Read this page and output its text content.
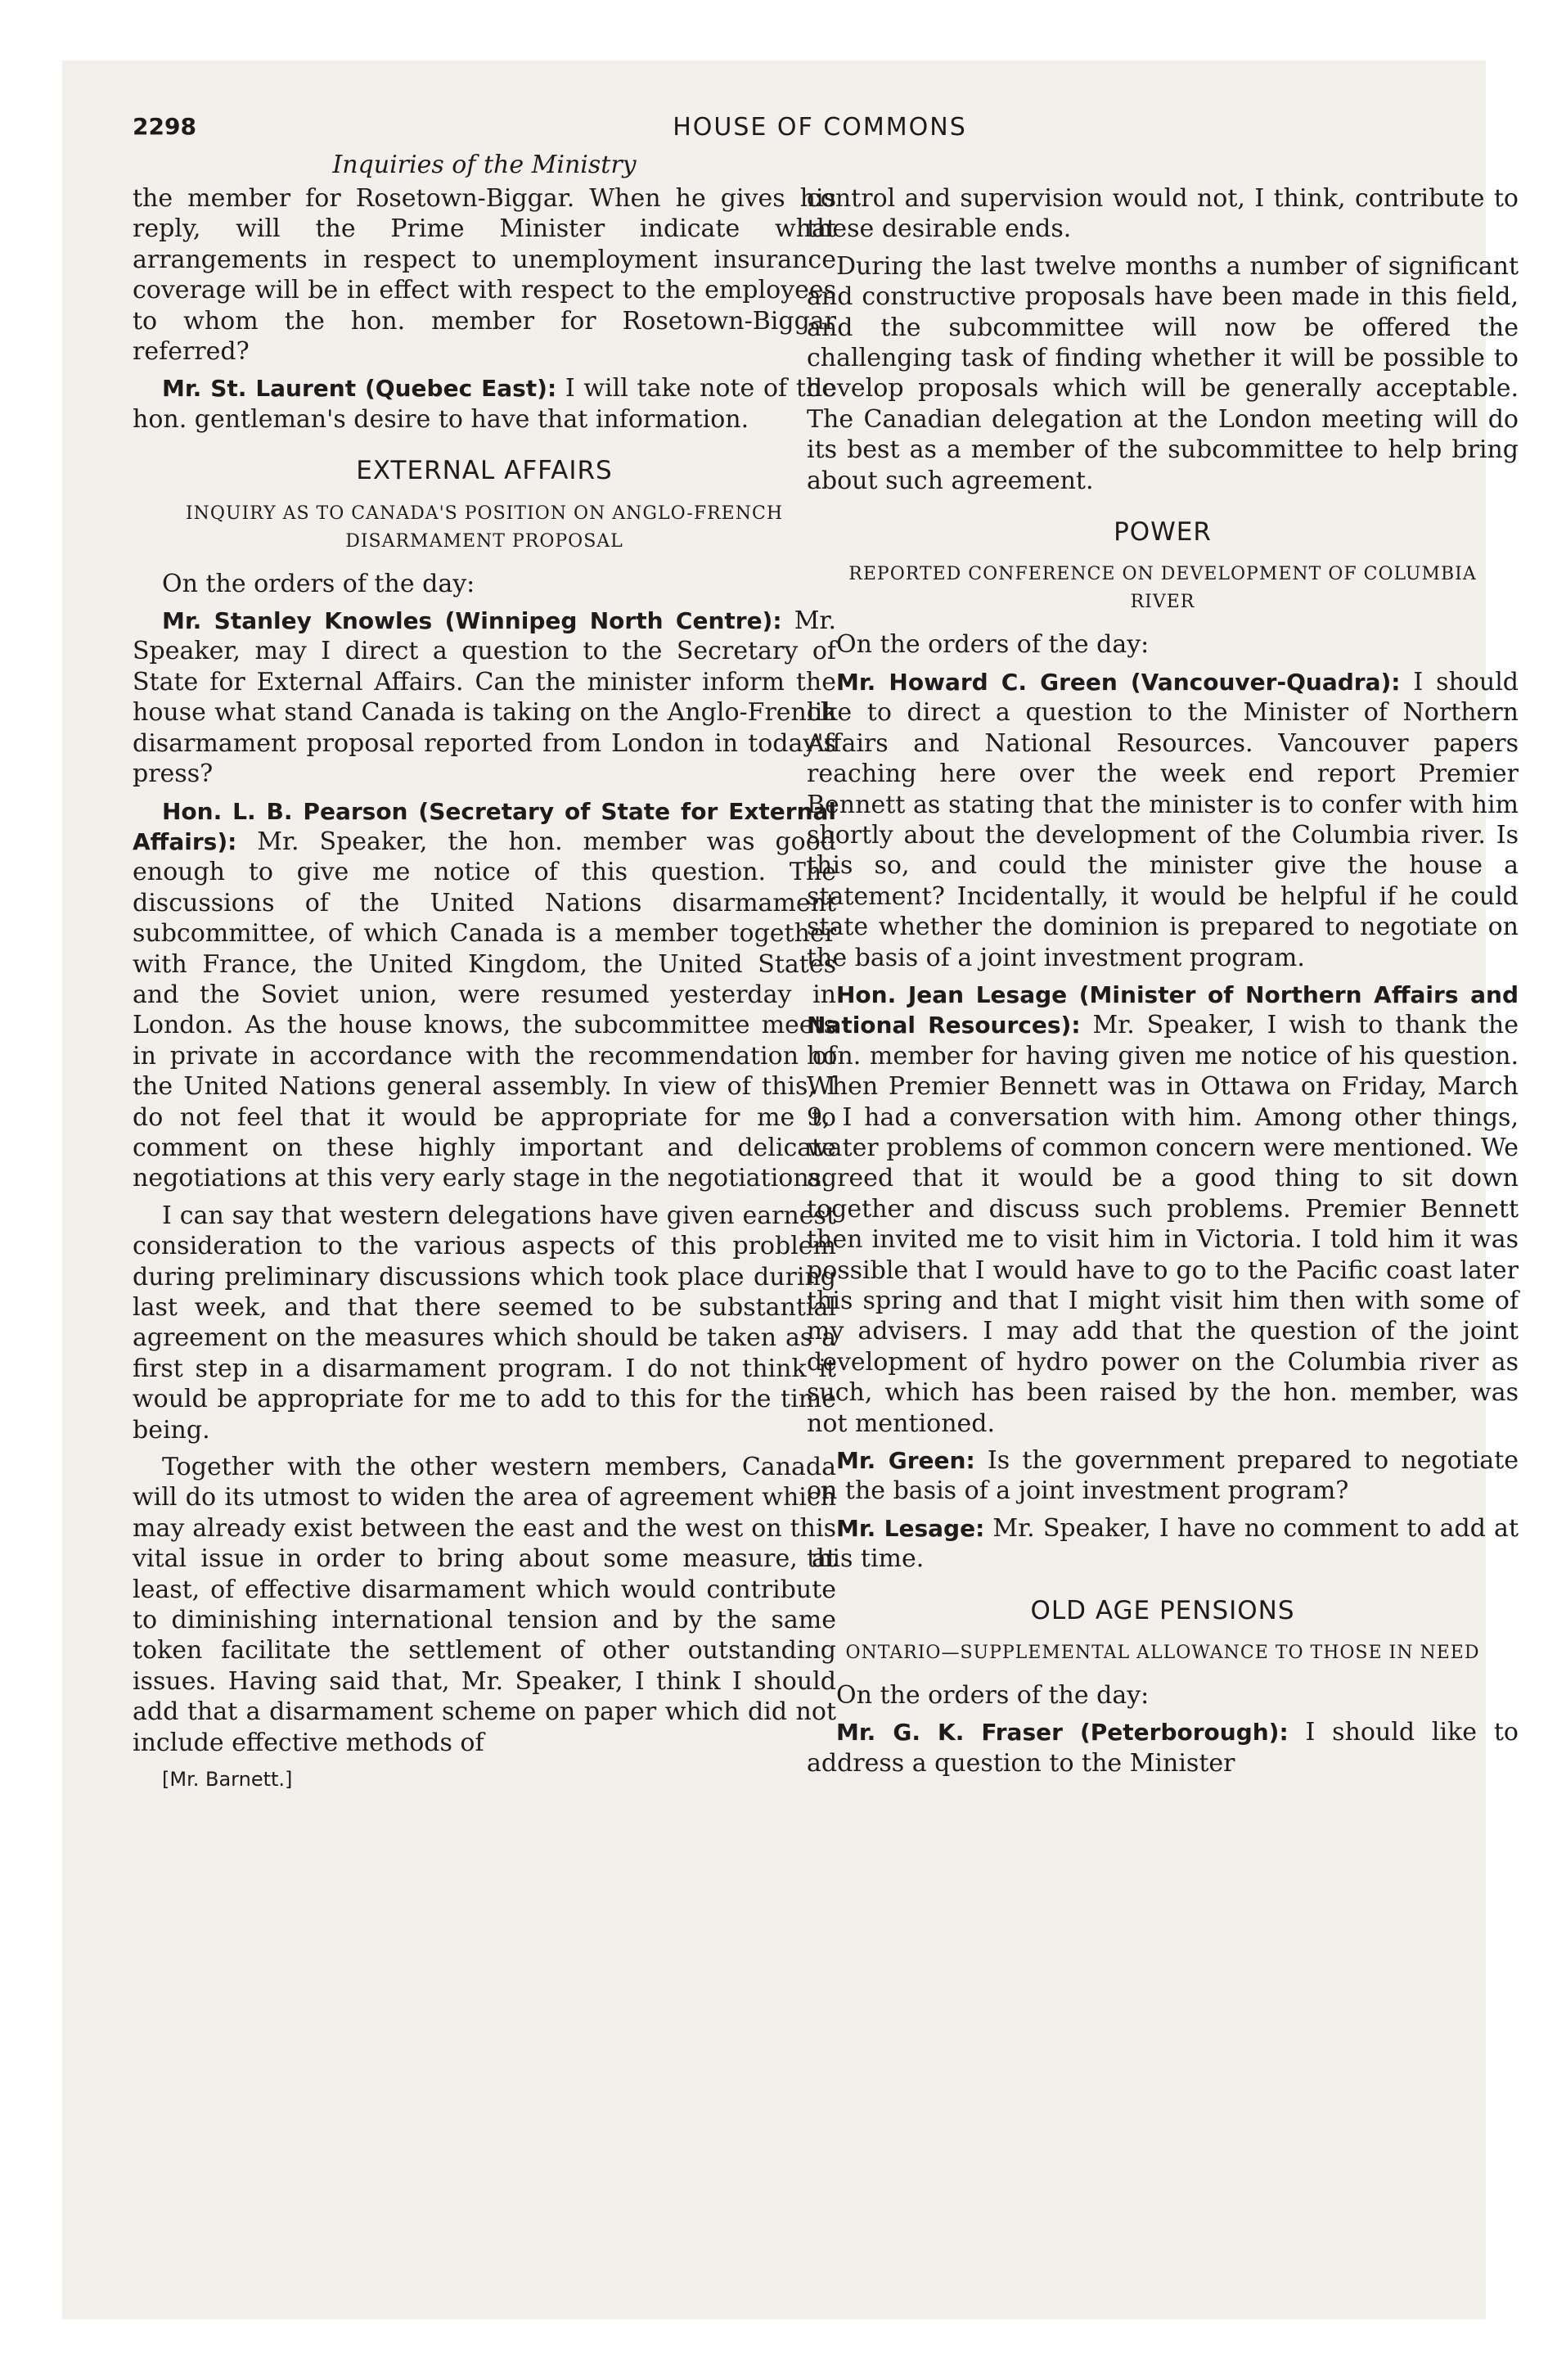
2298	HOUSE OF COMMONS
Inquiries of the Ministry

the member for Rosetown-Biggar. When he gives his reply, will the Prime Minister indicate what arrangements in respect to unemployment insurance coverage will be in effect with respect to the employees to whom the hon. member for Rosetown-Biggar referred?

Mr. St. Laurent (Quebec East): I will take note of the hon. gentleman's desire to have that information.

EXTERNAL AFFAIRS
INQUIRY AS TO CANADA'S POSITION ON ANGLO-FRENCH DISARMAMENT PROPOSAL

On the orders of the day:

Mr. Stanley Knowles (Winnipeg North Centre): Mr. Speaker, may I direct a question to the Secretary of State for External Affairs. Can the minister inform the house what stand Canada is taking on the Anglo-French disarmament proposal reported from London in today's press?

Hon. L. B. Pearson (Secretary of State for External Affairs): Mr. Speaker, the hon. member was good enough to give me notice of this question. The discussions of the United Nations disarmament subcommittee, of which Canada is a member together with France, the United Kingdom, the United States and the Soviet union, were resumed yesterday in London. As the house knows, the subcommittee meets in private in accordance with the recommendation of the United Nations general assembly. In view of this, I do not feel that it would be appropriate for me to comment on these highly important and delicate negotiations at this very early stage in the negotiations.

I can say that western delegations have given earnest consideration to the various aspects of this problem during preliminary discussions which took place during last week, and that there seemed to be substantial agreement on the measures which should be taken as a first step in a disarmament program. I do not think it would be appropriate for me to add to this for the time being.

Together with the other western members, Canada will do its utmost to widen the area of agreement which may already exist between the east and the west on this vital issue in order to bring about some measure, at least, of effective disarmament which would contribute to diminishing international tension and by the same token facilitate the settlement of other outstanding issues. Having said that, Mr. Speaker, I think I should add that a disarmament scheme on paper which did not include effective methods of

[Mr. Barnett.]

control and supervision would not, I think, contribute to these desirable ends.

During the last twelve months a number of significant and constructive proposals have been made in this field, and the subcommittee will now be offered the challenging task of finding whether it will be possible to develop proposals which will be generally acceptable. The Canadian delegation at the London meeting will do its best as a member of the subcommittee to help bring about such agreement.

POWER
REPORTED CONFERENCE ON DEVELOPMENT OF COLUMBIA RIVER

On the orders of the day:

Mr. Howard C. Green (Vancouver-Quadra): I should like to direct a question to the Minister of Northern Affairs and National Resources. Vancouver papers reaching here over the week end report Premier Bennett as stating that the minister is to confer with him shortly about the development of the Columbia river. Is this so, and could the minister give the house a statement? Incidentally, it would be helpful if he could state whether the dominion is prepared to negotiate on the basis of a joint investment program.

Hon. Jean Lesage (Minister of Northern Affairs and National Resources): Mr. Speaker, I wish to thank the hon. member for having given me notice of his question. When Premier Bennett was in Ottawa on Friday, March 9, I had a conversation with him. Among other things, water problems of common concern were mentioned. We agreed that it would be a good thing to sit down together and discuss such problems. Premier Bennett then invited me to visit him in Victoria. I told him it was possible that I would have to go to the Pacific coast later this spring and that I might visit him then with some of my advisers. I may add that the question of the joint development of hydro power on the Columbia river as such, which has been raised by the hon. member, was not mentioned.

Mr. Green: Is the government prepared to negotiate on the basis of a joint investment program?

Mr. Lesage: Mr. Speaker, I have no comment to add at this time.

OLD AGE PENSIONS
ONTARIO—SUPPLEMENTAL ALLOWANCE TO THOSE IN NEED

On the orders of the day:

Mr. G. K. Fraser (Peterborough): I should like to address a question to the Minister
